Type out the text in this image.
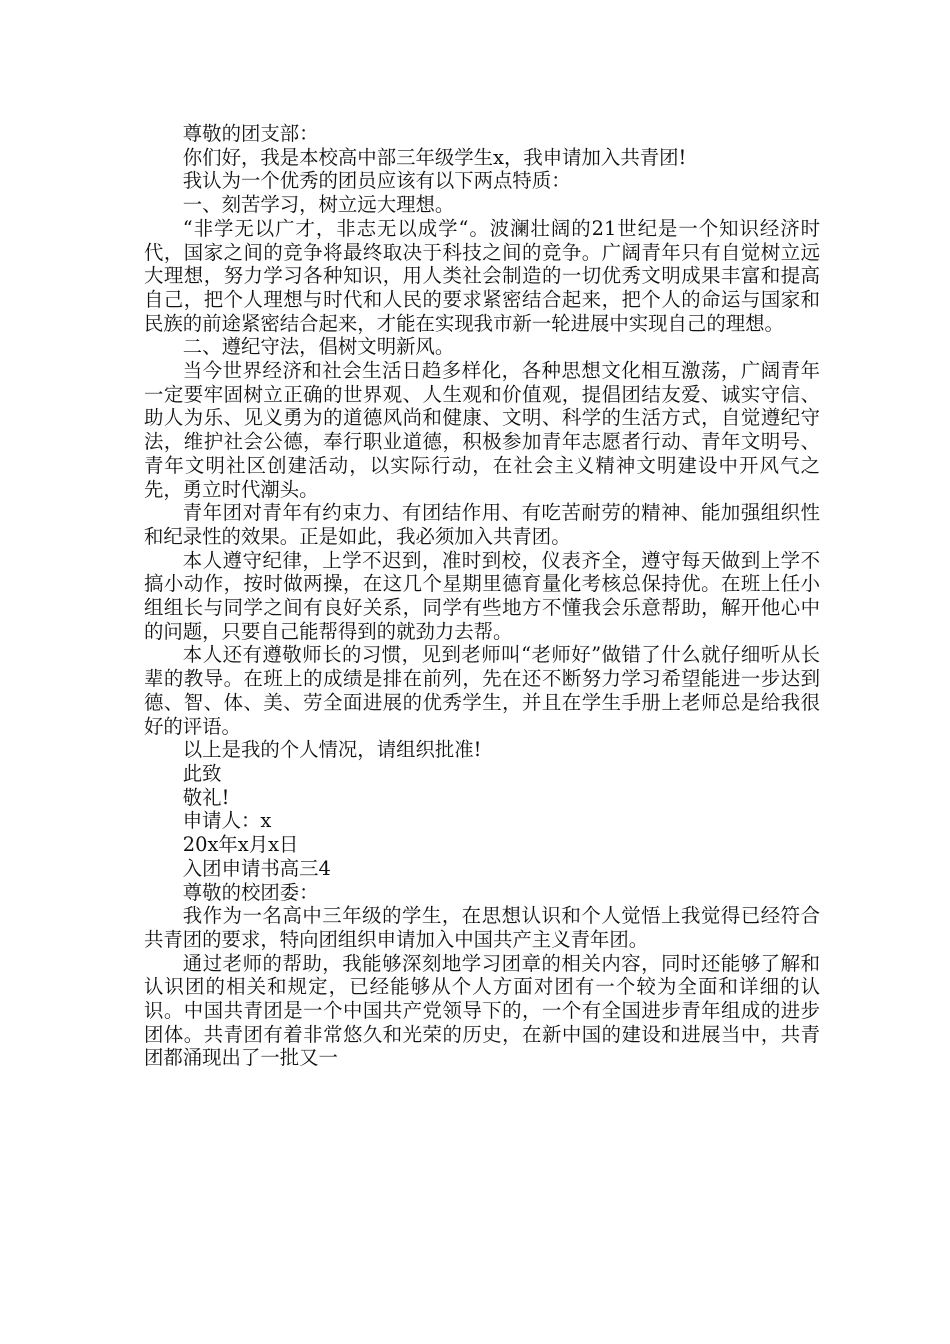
尊敬的团支部：

你们好，我是本校高中部三年级学生x，我申请加入共青团!

我认为一个优秀的团员应该有以下两点特质：

一、刻苦学习，树立远大理想。

“非学无以广才，非志无以成学“。波澜壮阔的21世纪是一个知识经济时代，国家之间的竞争将最终取决于科技之间的竞争。广阔青年只有自觉树立远大理想，努力学习各种知识，用人类社会制造的一切优秀文明成果丰富和提高自己，把个人理想与时代和人民的要求紧密结合起来，把个人的命运与国家和民族的前途紧密结合起来，才能在实现我市新一轮进展中实现自己的理想。

二、遵纪守法，倡树文明新风。

当今世界经济和社会生活日趋多样化，各种思想文化相互激荡，广阔青年一定要牢固树立正确的世界观、人生观和价值观，提倡团结友爱、诚实守信、助人为乐、见义勇为的道德风尚和健康、文明、科学的生活方式，自觉遵纪守法，维护社会公德，奉行职业道德，积极参加青年志愿者行动、青年文明号、青年文明社区创建活动，以实际行动，在社会主义精神文明建设中开风气之先，勇立时代潮头。

青年团对青年有约束力、有团结作用、有吃苦耐劳的精神、能加强组织性和纪录性的效果。正是如此，我必须加入共青团。

本人遵守纪律，上学不迟到，准时到校，仪表齐全，遵守每天做到上学不搞小动作，按时做两操，在这几个星期里德育量化考核总保持优。在班上任小组组长与同学之间有良好关系，同学有些地方不懂我会乐意帮助，解开他心中的问题，只要自己能帮得到的就劲力去帮。

本人还有遵敬师长的习惯，见到老师叫“老师好”做错了什么就仔细听从长辈的教导。在班上的成绩是排在前列，先在还不断努力学习希望能进一步达到德、智、体、美、劳全面进展的优秀学生，并且在学生手册上老师总是给我很好的评语。

以上是我的个人情况，请组织批准!

此致

敬礼!

申请人：x

20x年x月x日

入团申请书高三4

尊敬的校团委：

我作为一名高中三年级的学生，在思想认识和个人觉悟上我觉得已经符合共青团的要求，特向团组织申请加入中国共产主义青年团。

通过老师的帮助，我能够深刻地学习团章的相关内容，同时还能够了解和认识团的相关和规定，已经能够从个人方面对团有一个较为全面和详细的认识。中国共青团是一个中国共产党领导下的，一个有全国进步青年组成的进步团体。共青团有着非常悠久和光荣的历史，在新中国的建设和进展当中，共青团都涌现出了一批又一
